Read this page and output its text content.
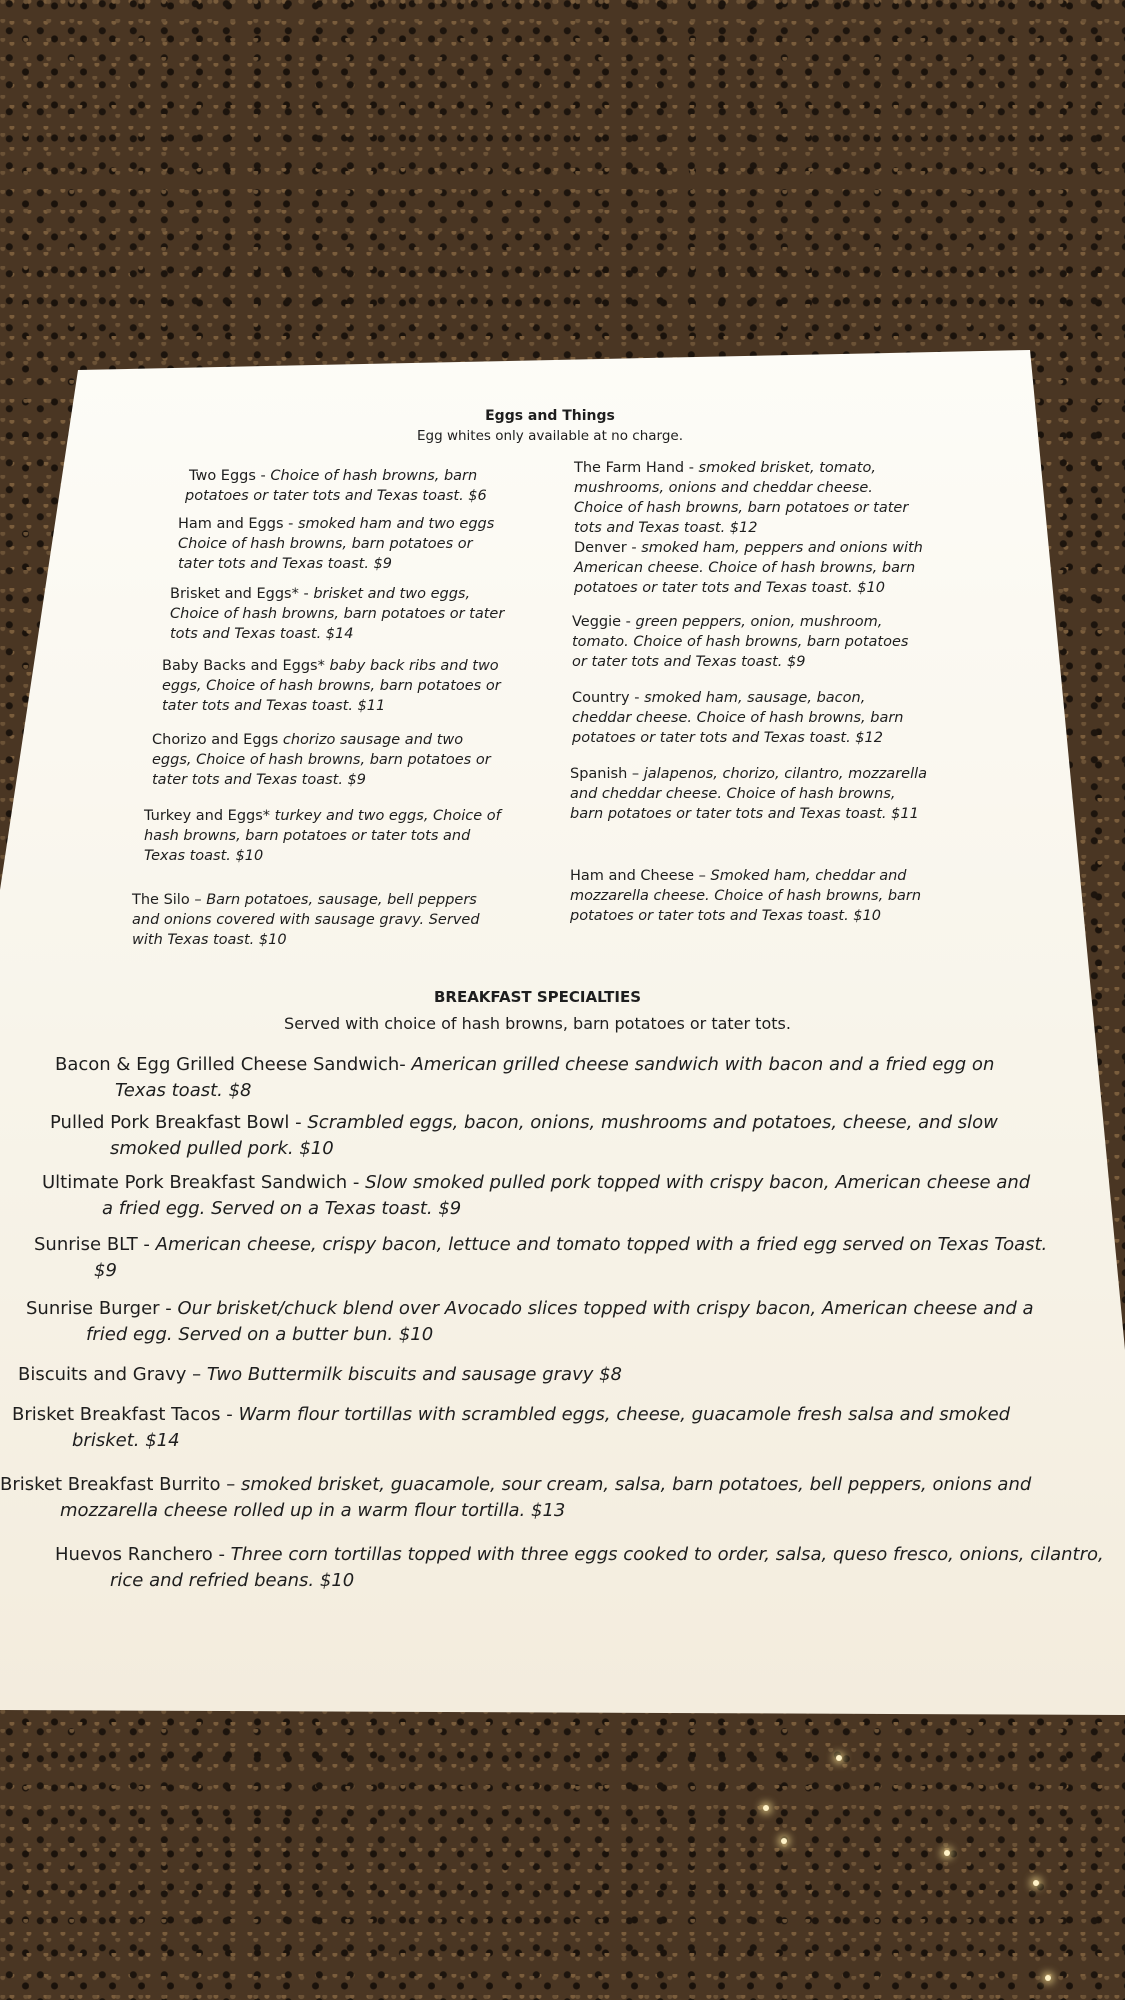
Eggs and Things
Egg whites only available at no charge.
Two Eggs - Choice of hash browns, barn potatoes or tater tots and Texas toast. $6
Ham and Eggs - smoked ham and two eggs Choice of hash browns, barn potatoes or tater tots and Texas toast. $9
Brisket and Eggs* - brisket and two eggs, Choice of hash browns, barn potatoes or tater tots and Texas toast. $14
Baby Backs and Eggs* baby back ribs and two eggs, Choice of hash browns, barn potatoes or tater tots and Texas toast. $11
Chorizo and Eggs chorizo sausage and two eggs, Choice of hash browns, barn potatoes or tater tots and Texas toast. $9
Turkey and Eggs* turkey and two eggs, Choice of hash browns, barn potatoes or tater tots and Texas toast. $10
The Silo – Barn potatoes, sausage, bell peppers and onions covered with sausage gravy. Served with Texas toast. $10
The Farm Hand - smoked brisket, tomato, mushrooms, onions and cheddar cheese. Choice of hash browns, barn potatoes or tater tots and Texas toast. $12
Denver - smoked ham, peppers and onions with American cheese. Choice of hash browns, barn potatoes or tater tots and Texas toast. $10
Veggie - green peppers, onion, mushroom, tomato. Choice of hash browns, barn potatoes or tater tots and Texas toast. $9
Country - smoked ham, sausage, bacon, cheddar cheese. Choice of hash browns, barn potatoes or tater tots and Texas toast. $12
Spanish – jalapenos, chorizo, cilantro, mozzarella and cheddar cheese. Choice of hash browns, barn potatoes or tater tots and Texas toast. $11
Ham and Cheese – Smoked ham, cheddar and mozzarella cheese. Choice of hash browns, barn potatoes or tater tots and Texas toast. $10
BREAKFAST SPECIALTIES
Served with choice of hash browns, barn potatoes or tater tots.
Bacon & Egg Grilled Cheese Sandwich- American grilled cheese sandwich with bacon and a fried egg on Texas toast. $8
Pulled Pork Breakfast Bowl - Scrambled eggs, bacon, onions, mushrooms and potatoes, cheese, and slow smoked pulled pork. $10
Ultimate Pork Breakfast Sandwich - Slow smoked pulled pork topped with crispy bacon, American cheese and a fried egg. Served on a Texas toast. $9
Sunrise BLT - American cheese, crispy bacon, lettuce and tomato topped with a fried egg served on Texas Toast. $9
Sunrise Burger - Our brisket/chuck blend over Avocado slices topped with crispy bacon, American cheese and a fried egg. Served on a butter bun. $10
Biscuits and Gravy – Two Buttermilk biscuits and sausage gravy $8
Brisket Breakfast Tacos - Warm flour tortillas with scrambled eggs, cheese, guacamole fresh salsa and smoked brisket. $14
Brisket Breakfast Burrito – smoked brisket, guacamole, sour cream, salsa, barn potatoes, bell peppers, onions and mozzarella cheese rolled up in a warm flour tortilla. $13
Huevos Ranchero - Three corn tortillas topped with three eggs cooked to order, salsa, queso fresco, onions, cilantro, rice and refried beans. $10
